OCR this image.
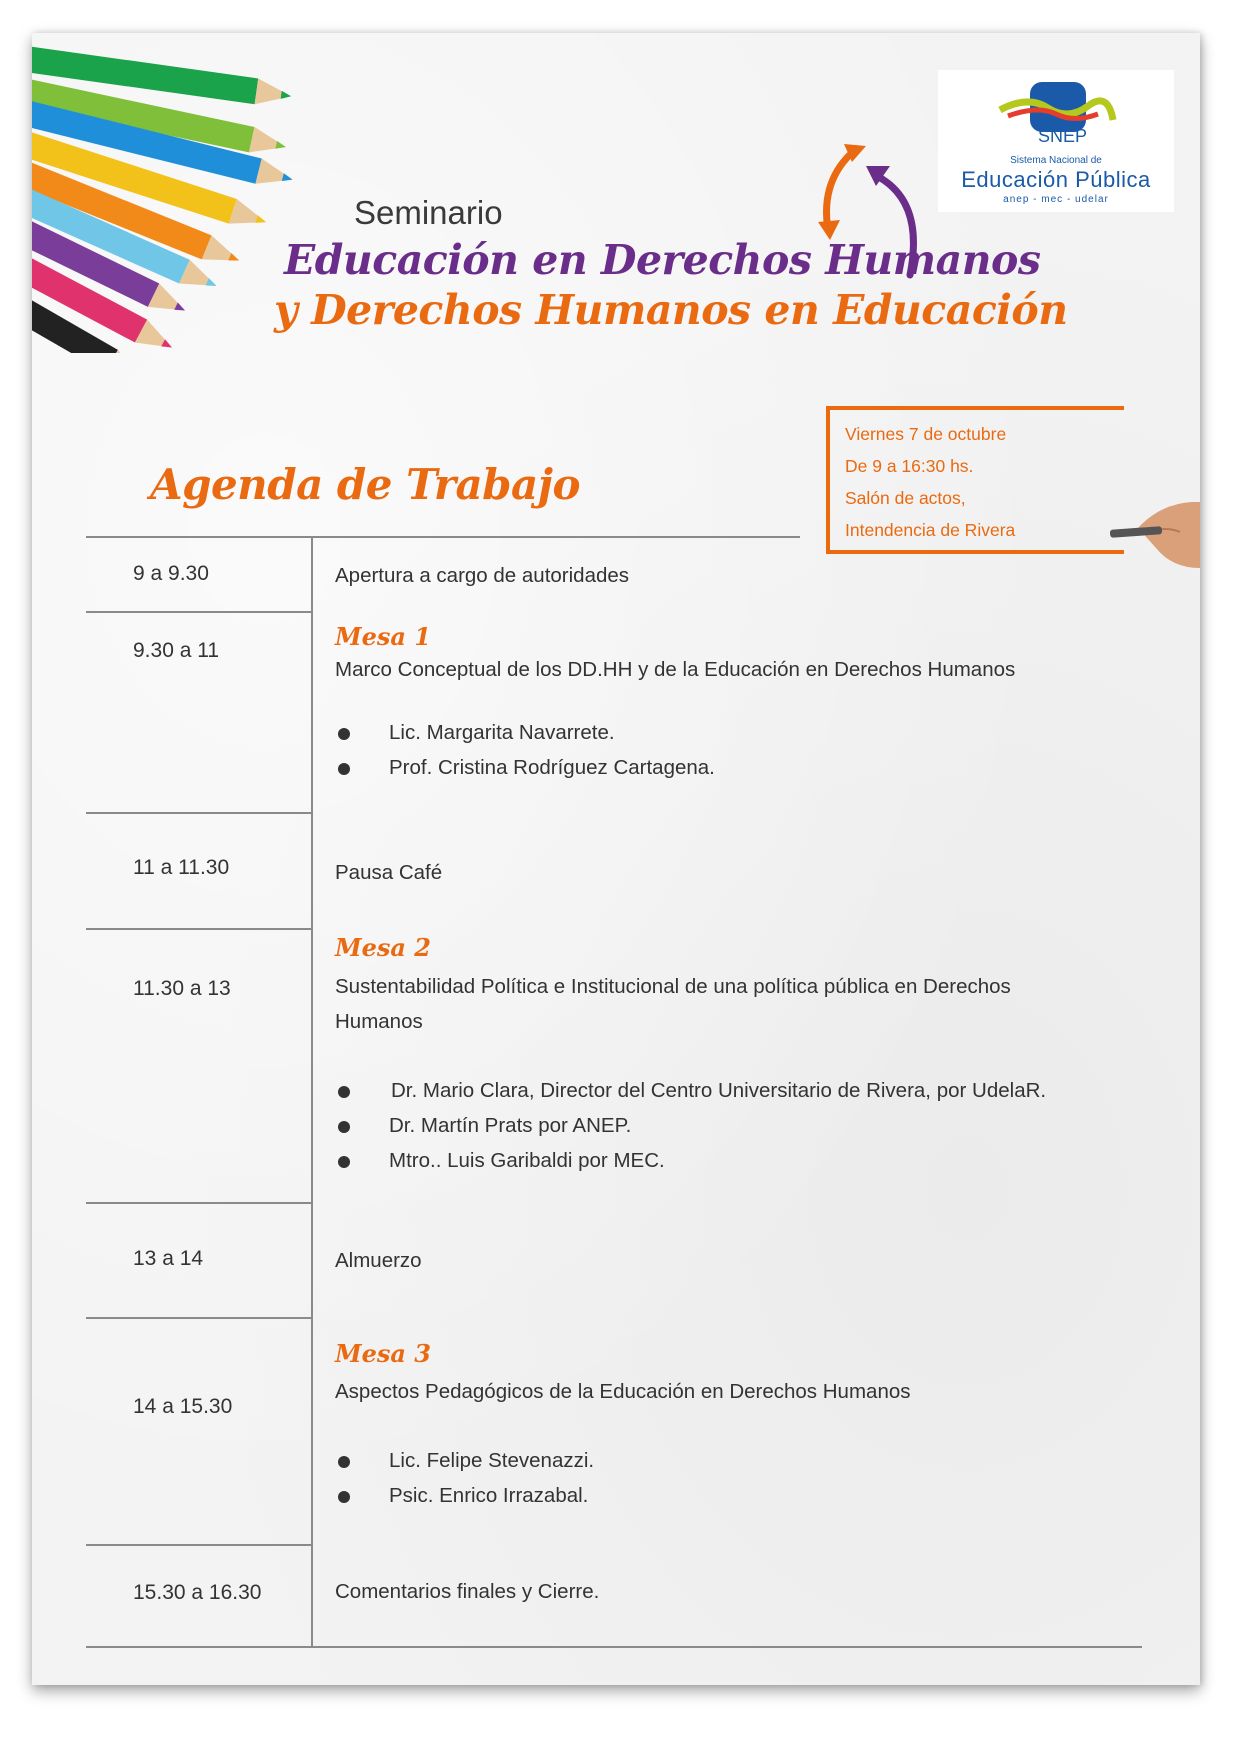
SNEP
Sistema Nacional de
Educación Pública
anep - mec - udelar
Seminario
Educación en Derechos Humanos
y Derechos Humanos en Educación
Viernes 7 de octubre
De 9 a 16:30 hs.
Salón de actos,
Intendencia de Rivera
Agenda de Trabajo
9 a 9.30	Apertura a cargo de autoridades
9.30 a 11	Mesa 1
Marco Conceptual de los DD.HH y de la Educación en Derechos Humanos
Lic. Margarita Navarrete.
Prof. Cristina Rodríguez Cartagena.
11 a 11.30	Pausa Café
11.30 a 13
Mesa 2
Sustentabilidad Política e Institucional de una política pública en Derechos
Humanos
Dr. Mario Clara, Director del Centro Universitario de Rivera, por UdelaR.
Dr. Martín Prats por ANEP.
Mtro.. Luis Garibaldi por MEC.
13 a 14	Almuerzo
14 a 15.30
Mesa 3
Aspectos Pedagógicos de la Educación en Derechos Humanos
Lic. Felipe Stevenazzi.
Psic. Enrico Irrazabal.
15.30 a 16.30	Comentarios finales y Cierre.
